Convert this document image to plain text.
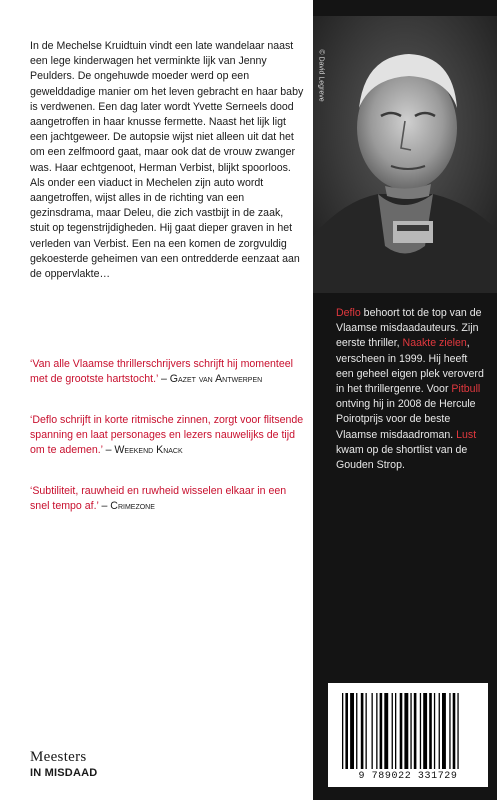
In de Mechelse Kruidtuin vindt een late wandelaar naast een lege kinderwagen het verminkte lijk van Jenny Peulders. De ongehuwde moeder werd op een gewelddadige manier om het leven gebracht en haar baby is verdwenen. Een dag later wordt Yvette Serneels dood aangetroffen in haar knusse fermette. Naast het lijk ligt een jachtgeweer. De autopsie wijst niet alleen uit dat het om een zelfmoord gaat, maar ook dat de vrouw zwanger was. Haar echtgenoot, Herman Verbist, blijkt spoorloos. Als onder een viaduct in Mechelen zijn auto wordt aangetroffen, wijst alles in de richting van een gezinsdrama, maar Deleu, die zich vastbijt in de zaak, stuit op tegenstrijdigheden. Hij gaat dieper graven in het verleden van Verbist. Een na een komen de zorgvuldig gekoesterde geheimen van een ontredderde eenzaat aan de oppervlakte…

‘Van alle Vlaamse thrillerschrijvers schrijft hij momenteel met de grootste hartstocht.’ – Gazet van Antwerpen
‘Deflo schrijft in korte ritmische zinnen, zorgt voor flitsende spanning en laat personages en lezers nauwelijks de tijd om te ademen.’ – Weekend Knack
‘Subtiliteit, rauwheid en ruwheid wisselen elkaar in een snel tempo af.’ – Crimezone
Meesters
IN MISDAAD
© David Legreve
Deflo behoort tot de top van de Vlaamse misdaadauteurs. Zijn eerste thriller, Naakte zielen, verscheen in 1999. Hij heeft een geheel eigen plek veroverd in het thrillergenre. Voor Pitbull ontving hij in 2008 de Hercule Poirotprijs voor de beste Vlaamse misdaadroman. Lust kwam op de shortlist van de Gouden Strop.
9 789022 331729
